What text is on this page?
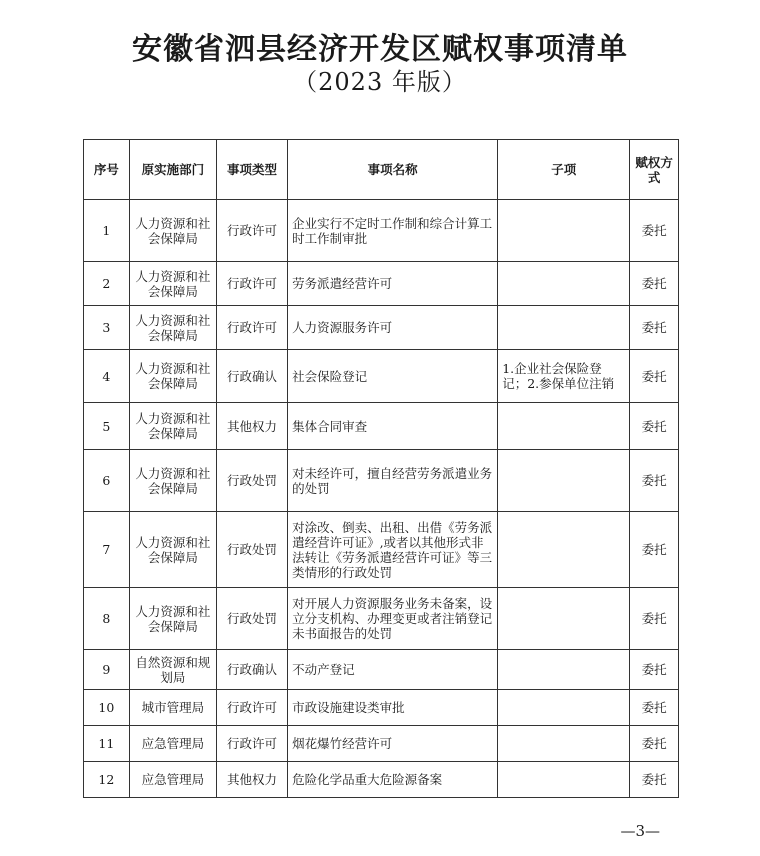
安徽省泗县经济开发区赋权事项清单
（2023 年版）
序号	原实施部门	事项类型	事项名称	子项	赋权方式
1	人力资源和社会保障局	行政许可	企业实行不定时工作制和综合计算工时工作制审批		委托
2	人力资源和社会保障局	行政许可	劳务派遣经营许可		委托
3	人力资源和社会保障局	行政许可	人力资源服务许可		委托
4	人力资源和社会保障局	行政确认	社会保险登记	1.企业社会保险登记；2.参保单位注销	委托
5	人力资源和社会保障局	其他权力	集体合同审查		委托
6	人力资源和社会保障局	行政处罚	对未经许可，擅自经营劳务派遣业务的处罚		委托
7	人力资源和社会保障局	行政处罚	对涂改、倒卖、出租、出借《劳务派遣经营许可证》,或者以其他形式非法转让《劳务派遣经营许可证》等三类情形的行政处罚		委托
8	人力资源和社会保障局	行政处罚	对开展人力资源服务业务未备案，设立分支机构、办理变更或者注销登记未书面报告的处罚		委托
9	自然资源和规划局	行政确认	不动产登记		委托
10	城市管理局	行政许可	市政设施建设类审批		委托
11	应急管理局	行政许可	烟花爆竹经营许可		委托
12	应急管理局	其他权力	危险化学品重大危险源备案		委托
—3—
